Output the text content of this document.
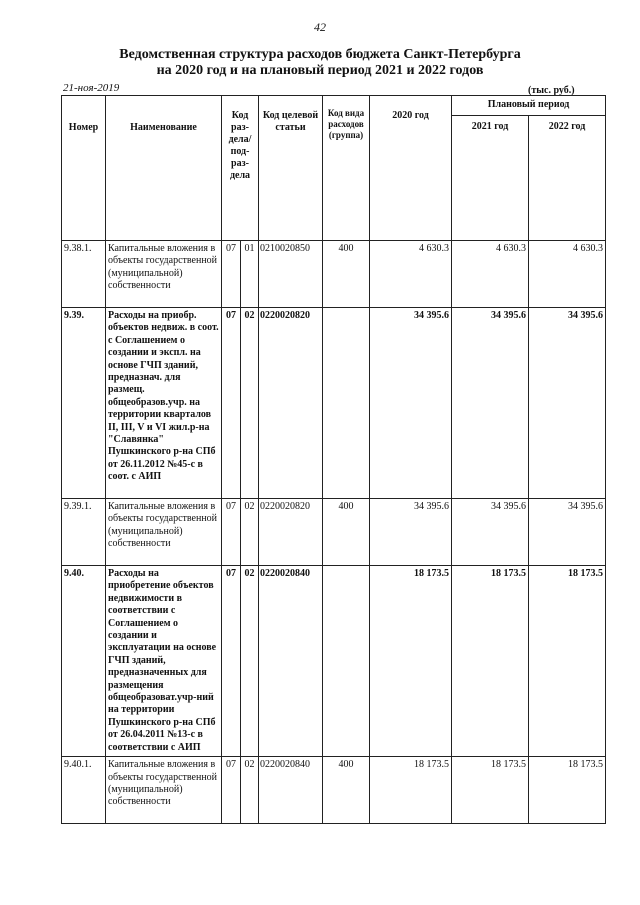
42
Ведомственная структура расходов бюджета Санкт-Петербурга
на 2020 год и на плановый период 2021 и 2022 годов
21-ноя-2019	(тыс. руб.)
Номер	Наименование	Код раз-дела/ под-раз-дела		Код целевой статьи	Код вида расходов (группа)	2020 год	Плановый период	
							2021 год	2022 год
9.38.1.	Капитальные вложения в объекты государственной (муниципальной) собственности	07	01	0210020850	400	4 630.3	4 630.3	4 630.3
9.39.	Расходы на приобр. объектов недвиж. в соот. с Соглашением о создании и экспл. на основе ГЧП зданий, предназнач. для размещ. общеобразов.учр. на территории кварталов II, III, V и VI жил.р-на "Славянка" Пушкинского р-на СПб от 26.11.2012 №45-с в соот. с АИП	07	02	0220020820		34 395.6	34 395.6	34 395.6
9.39.1.	Капитальные вложения в объекты государственной (муниципальной) собственности	07	02	0220020820	400	34 395.6	34 395.6	34 395.6
9.40.	Расходы на приобретение объектов недвижимости в соответствии с Соглашением о создании и эксплуатации на основе ГЧП зданий, предназначенных для размещения общеобразоват.учр-ний на территории Пушкинского р-на СПб от 26.04.2011 №13-с в соответствии с АИП	07	02	0220020840		18 173.5	18 173.5	18 173.5
9.40.1.	Капитальные вложения в объекты государственной (муниципальной) собственности	07	02	0220020840	400	18 173.5	18 173.5	18 173.5
